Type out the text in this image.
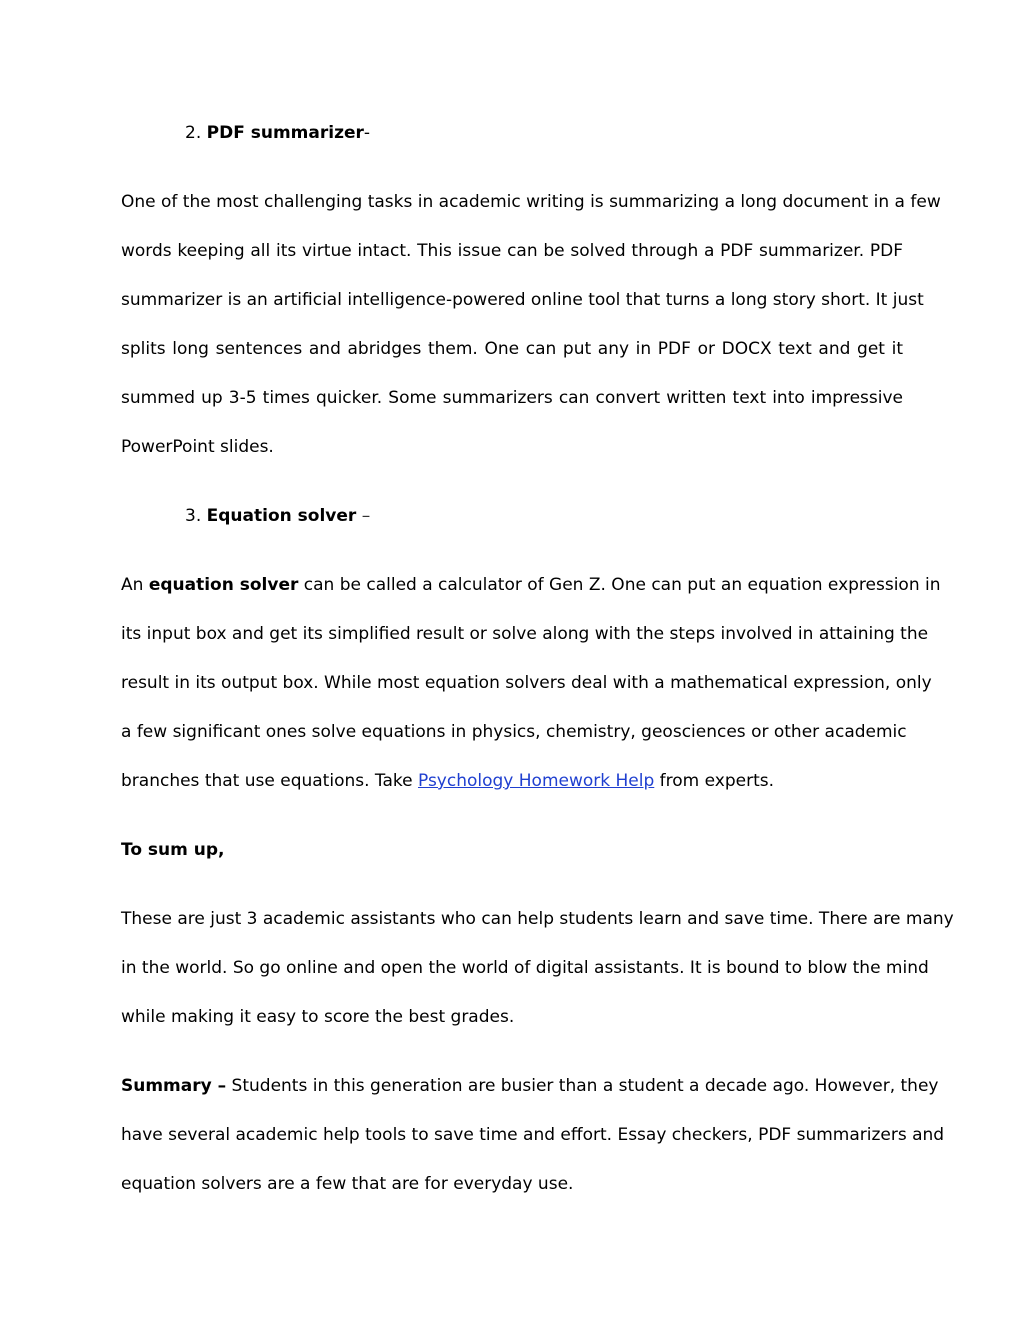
2. PDF summarizer-

One of the most challenging tasks in academic writing is summarizing a long document in a few

words keeping all its virtue intact. This issue can be solved through a PDF summarizer. PDF

summarizer is an artificial intelligence-powered online tool that turns a long story short. It just

splits long sentences and abridges them. One can put any in PDF or DOCX text and get it

summed up 3-5 times quicker. Some summarizers can convert written text into impressive

PowerPoint slides.

3. Equation solver –

An equation solver can be called a calculator of Gen Z. One can put an equation expression in

its input box and get its simplified result or solve along with the steps involved in attaining the

result in its output box. While most equation solvers deal with a mathematical expression, only

a few significant ones solve equations in physics, chemistry, geosciences or other academic

branches that use equations. Take Psychology Homework Help from experts.

To sum up,

These are just 3 academic assistants who can help students learn and save time. There are many

in the world. So go online and open the world of digital assistants. It is bound to blow the mind

while making it easy to score the best grades.

Summary – Students in this generation are busier than a student a decade ago. However, they

have several academic help tools to save time and effort. Essay checkers, PDF summarizers and

equation solvers are a few that are for everyday use.
